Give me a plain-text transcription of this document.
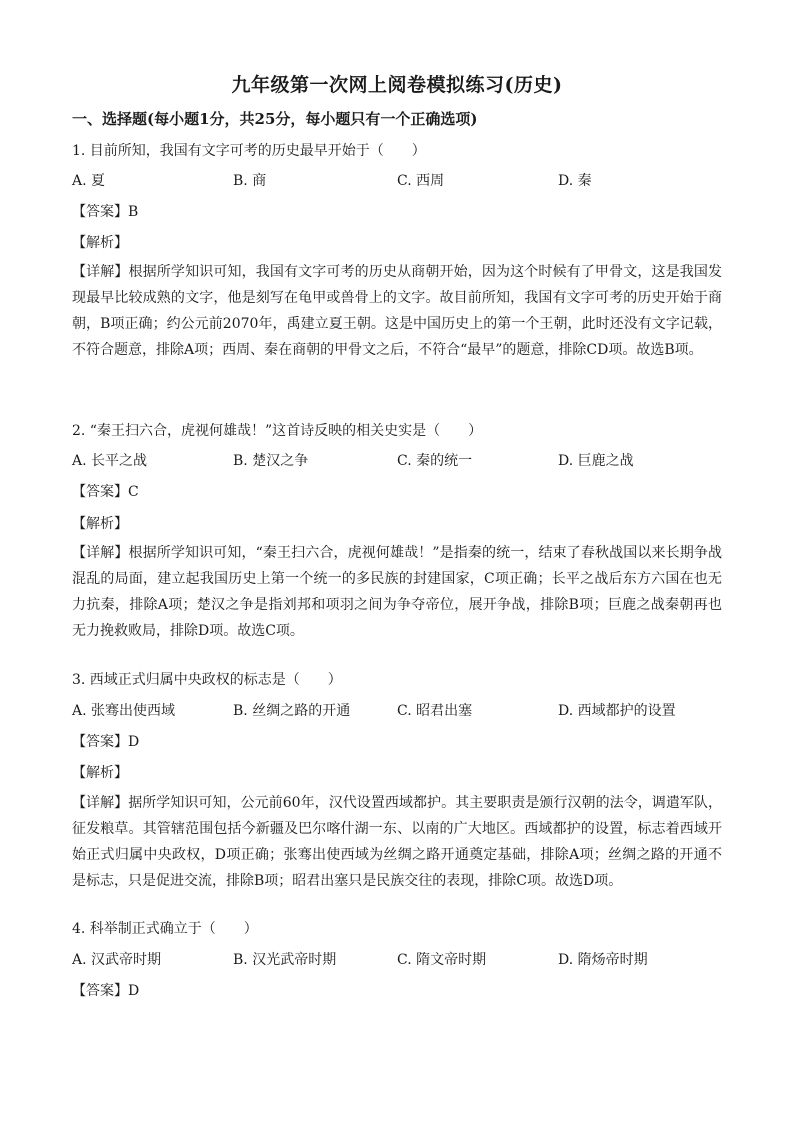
九年级第一次网上阅卷模拟练习(历史)
一、选择题(每小题1分，共25分，每小题只有一个正确选项)
1. 目前所知，我国有文字可考的历史最早开始于（　　）
A. 夏	B. 商	C. 西周	D. 秦
【答案】B
【解析】
【详解】根据所学知识可知，我国有文字可考的历史从商朝开始，因为这个时候有了甲骨文，这是我国发现最早比较成熟的文字，他是刻写在龟甲或兽骨上的文字。故目前所知，我国有文字可考的历史开始于商朝，B项正确；约公元前2070年，禹建立夏王朝。这是中国历史上的第一个王朝，此时还没有文字记载，不符合题意，排除A项；西周、秦在商朝的甲骨文之后，不符合“最早”的题意，排除CD项。故选B项。
2. “秦王扫六合，虎视何雄哉！”这首诗反映的相关史实是（　　）
A. 长平之战	B. 楚汉之争	C. 秦的统一	D. 巨鹿之战
【答案】C
【解析】
【详解】根据所学知识可知，“秦王扫六合，虎视何雄哉！”是指秦的统一，结束了春秋战国以来长期争战混乱的局面，建立起我国历史上第一个统一的多民族的封建国家，C项正确；长平之战后东方六国在也无力抗秦，排除A项；楚汉之争是指刘邦和项羽之间为争夺帝位，展开争战，排除B项；巨鹿之战秦朝再也无力挽救败局，排除D项。故选C项。
3. 西域正式归属中央政权的标志是（　　）
A. 张骞出使西域	B. 丝绸之路的开通	C. 昭君出塞	D. 西域都护的设置
【答案】D
【解析】
【详解】据所学知识可知，公元前60年，汉代设置西域都护。其主要职责是颁行汉朝的法令，调遣军队，征发粮草。其管辖范围包括今新疆及巴尔喀什湖一东、以南的广大地区。西域都护的设置，标志着西域开始正式归属中央政权，D项正确；张骞出使西域为丝绸之路开通奠定基础，排除A项；丝绸之路的开通不是标志，只是促进交流，排除B项；昭君出塞只是民族交往的表现，排除C项。故选D项。
4. 科举制正式确立于（　　）
A. 汉武帝时期	B. 汉光武帝时期	C. 隋文帝时期	D. 隋炀帝时期
【答案】D
